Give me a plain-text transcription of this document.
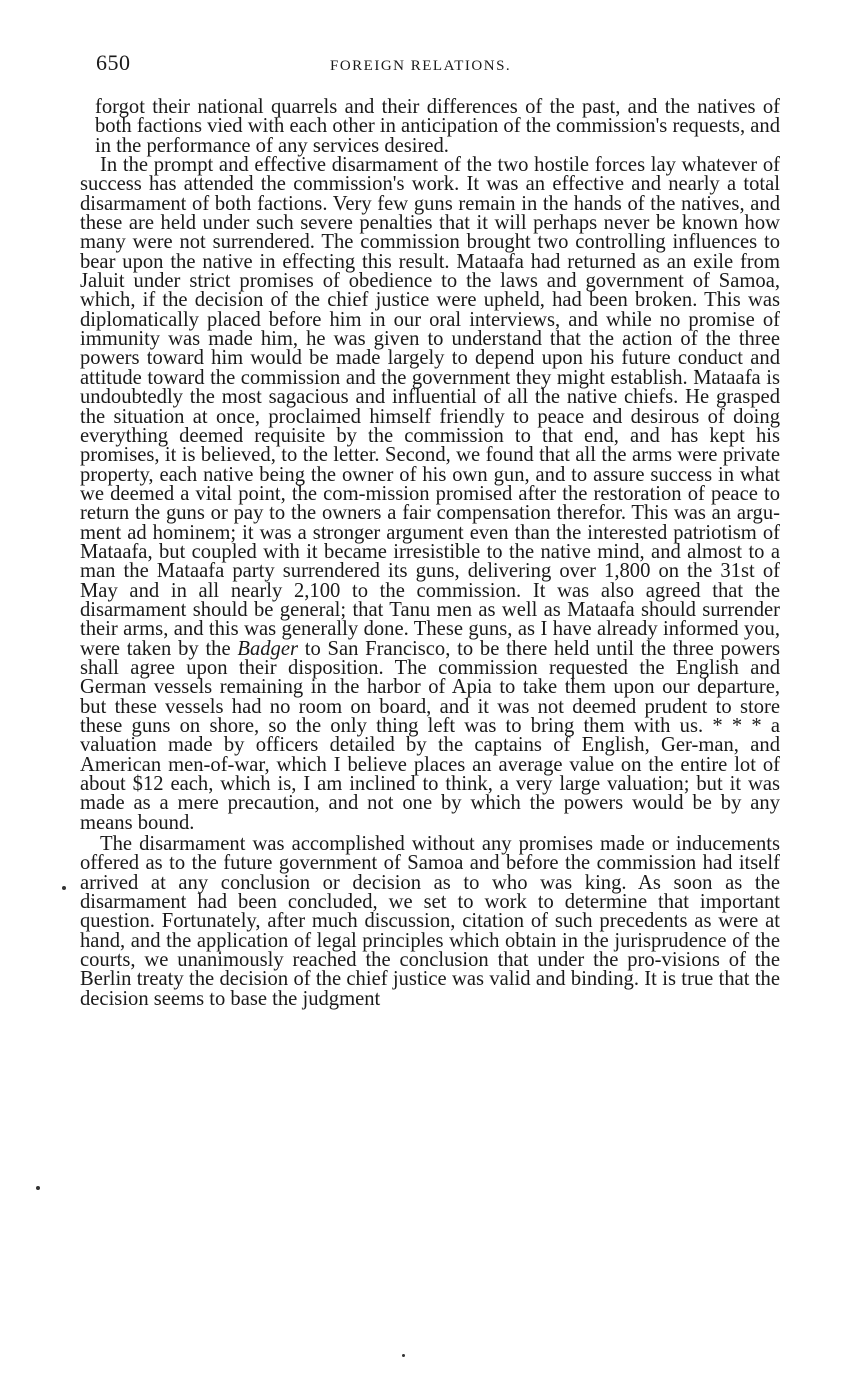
650	FOREIGN RELATIONS.

forgot their national quarrels and their differences of the past, and the natives of both factions vied with each other in anticipation of the commission's requests, and in the performance of any services desired.

In the prompt and effective disarmament of the two hostile forces lay whatever of success has attended the commission's work. It was an effective and nearly a total disarmament of both factions. Very few guns remain in the hands of the natives, and these are held under such severe penalties that it will perhaps never be known how many were not surrendered. The commission brought two controlling influences to bear upon the native in effecting this result. Mataafa had returned as an exile from Jaluit under strict promises of obedience to the laws and government of Samoa, which, if the decision of the chief justice were upheld, had been broken. This was diplomatically placed before him in our oral interviews, and while no promise of immunity was made him, he was given to understand that the action of the three powers toward him would be made largely to depend upon his future conduct and attitude toward the commission and the government they might establish. Mataafa is undoubtedly the most sagacious and influential of all the native chiefs. He grasped the situation at once, proclaimed himself friendly to peace and desirous of doing everything deemed requisite by the commission to that end, and has kept his promises, it is believed, to the letter. Second, we found that all the arms were private property, each native being the owner of his own gun, and to assure success in what we deemed a vital point, the com-mission promised after the restoration of peace to return the guns or pay to the owners a fair compensation therefor. This was an argu-ment ad hominem; it was a stronger argument even than the interested patriotism of Mataafa, but coupled with it became irresistible to the native mind, and almost to a man the Mataafa party surrendered its guns, delivering over 1,800 on the 31st of May and in all nearly 2,100 to the commission. It was also agreed that the disarmament should be general; that Tanu men as well as Mataafa should surrender their arms, and this was generally done. These guns, as I have already informed you, were taken by the Badger to San Francisco, to be there held until the three powers shall agree upon their disposition. The commission requested the English and German vessels remaining in the harbor of Apia to take them upon our departure, but these vessels had no room on board, and it was not deemed prudent to store these guns on shore, so the only thing left was to bring them with us. * * * a valuation made by officers detailed by the captains of English, Ger-man, and American men-of-war, which I believe places an average value on the entire lot of about $12 each, which is, I am inclined to think, a very large valuation; but it was made as a mere precaution, and not one by which the powers would be by any means bound.

The disarmament was accomplished without any promises made or inducements offered as to the future government of Samoa and before the commission had itself arrived at any conclusion or decision as to who was king. As soon as the disarmament had been concluded, we set to work to determine that important question. Fortunately, after much discussion, citation of such precedents as were at hand, and the application of legal principles which obtain in the jurisprudence of the courts, we unanimously reached the conclusion that under the pro-visions of the Berlin treaty the decision of the chief justice was valid and binding. It is true that the decision seems to base the judgment
